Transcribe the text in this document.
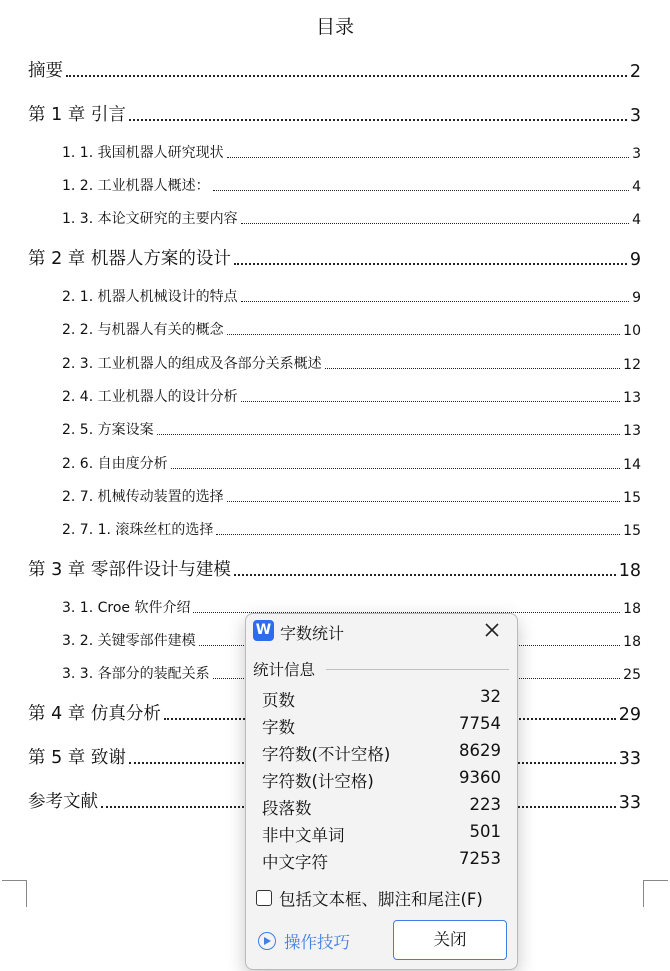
目录
摘要	2
第 1 章 引言	3
1. 1. 我国机器人研究现状	3
1. 2. 工业机器人概述：	4
1. 3. 本论文研究的主要内容	4
第 2 章 机器人方案的设计	9
2. 1. 机器人机械设计的特点	9
2. 2. 与机器人有关的概念	10
2. 3. 工业机器人的组成及各部分关系概述	12
2. 4. 工业机器人的设计分析	13
2. 5. 方案设案	13
2. 6. 自由度分析	14
2. 7. 机械传动装置的选择	15
2. 7. 1. 滚珠丝杠的选择	15
第 3 章 零部件设计与建模	18
3. 1. Croe 软件介绍	18
3. 2. 关键零部件建模	18
3. 3. 各部分的装配关系	25
第 4 章 仿真分析	29
第 5 章 致谢	33
参考文献	33
W 字数统计
统计信息
页数	32
字数	7754
字符数(不计空格)	8629
字符数(计空格)	9360
段落数	223
非中文单词	501
中文字符	7253
包括文本框、脚注和尾注(F)
操作技巧	关闭
